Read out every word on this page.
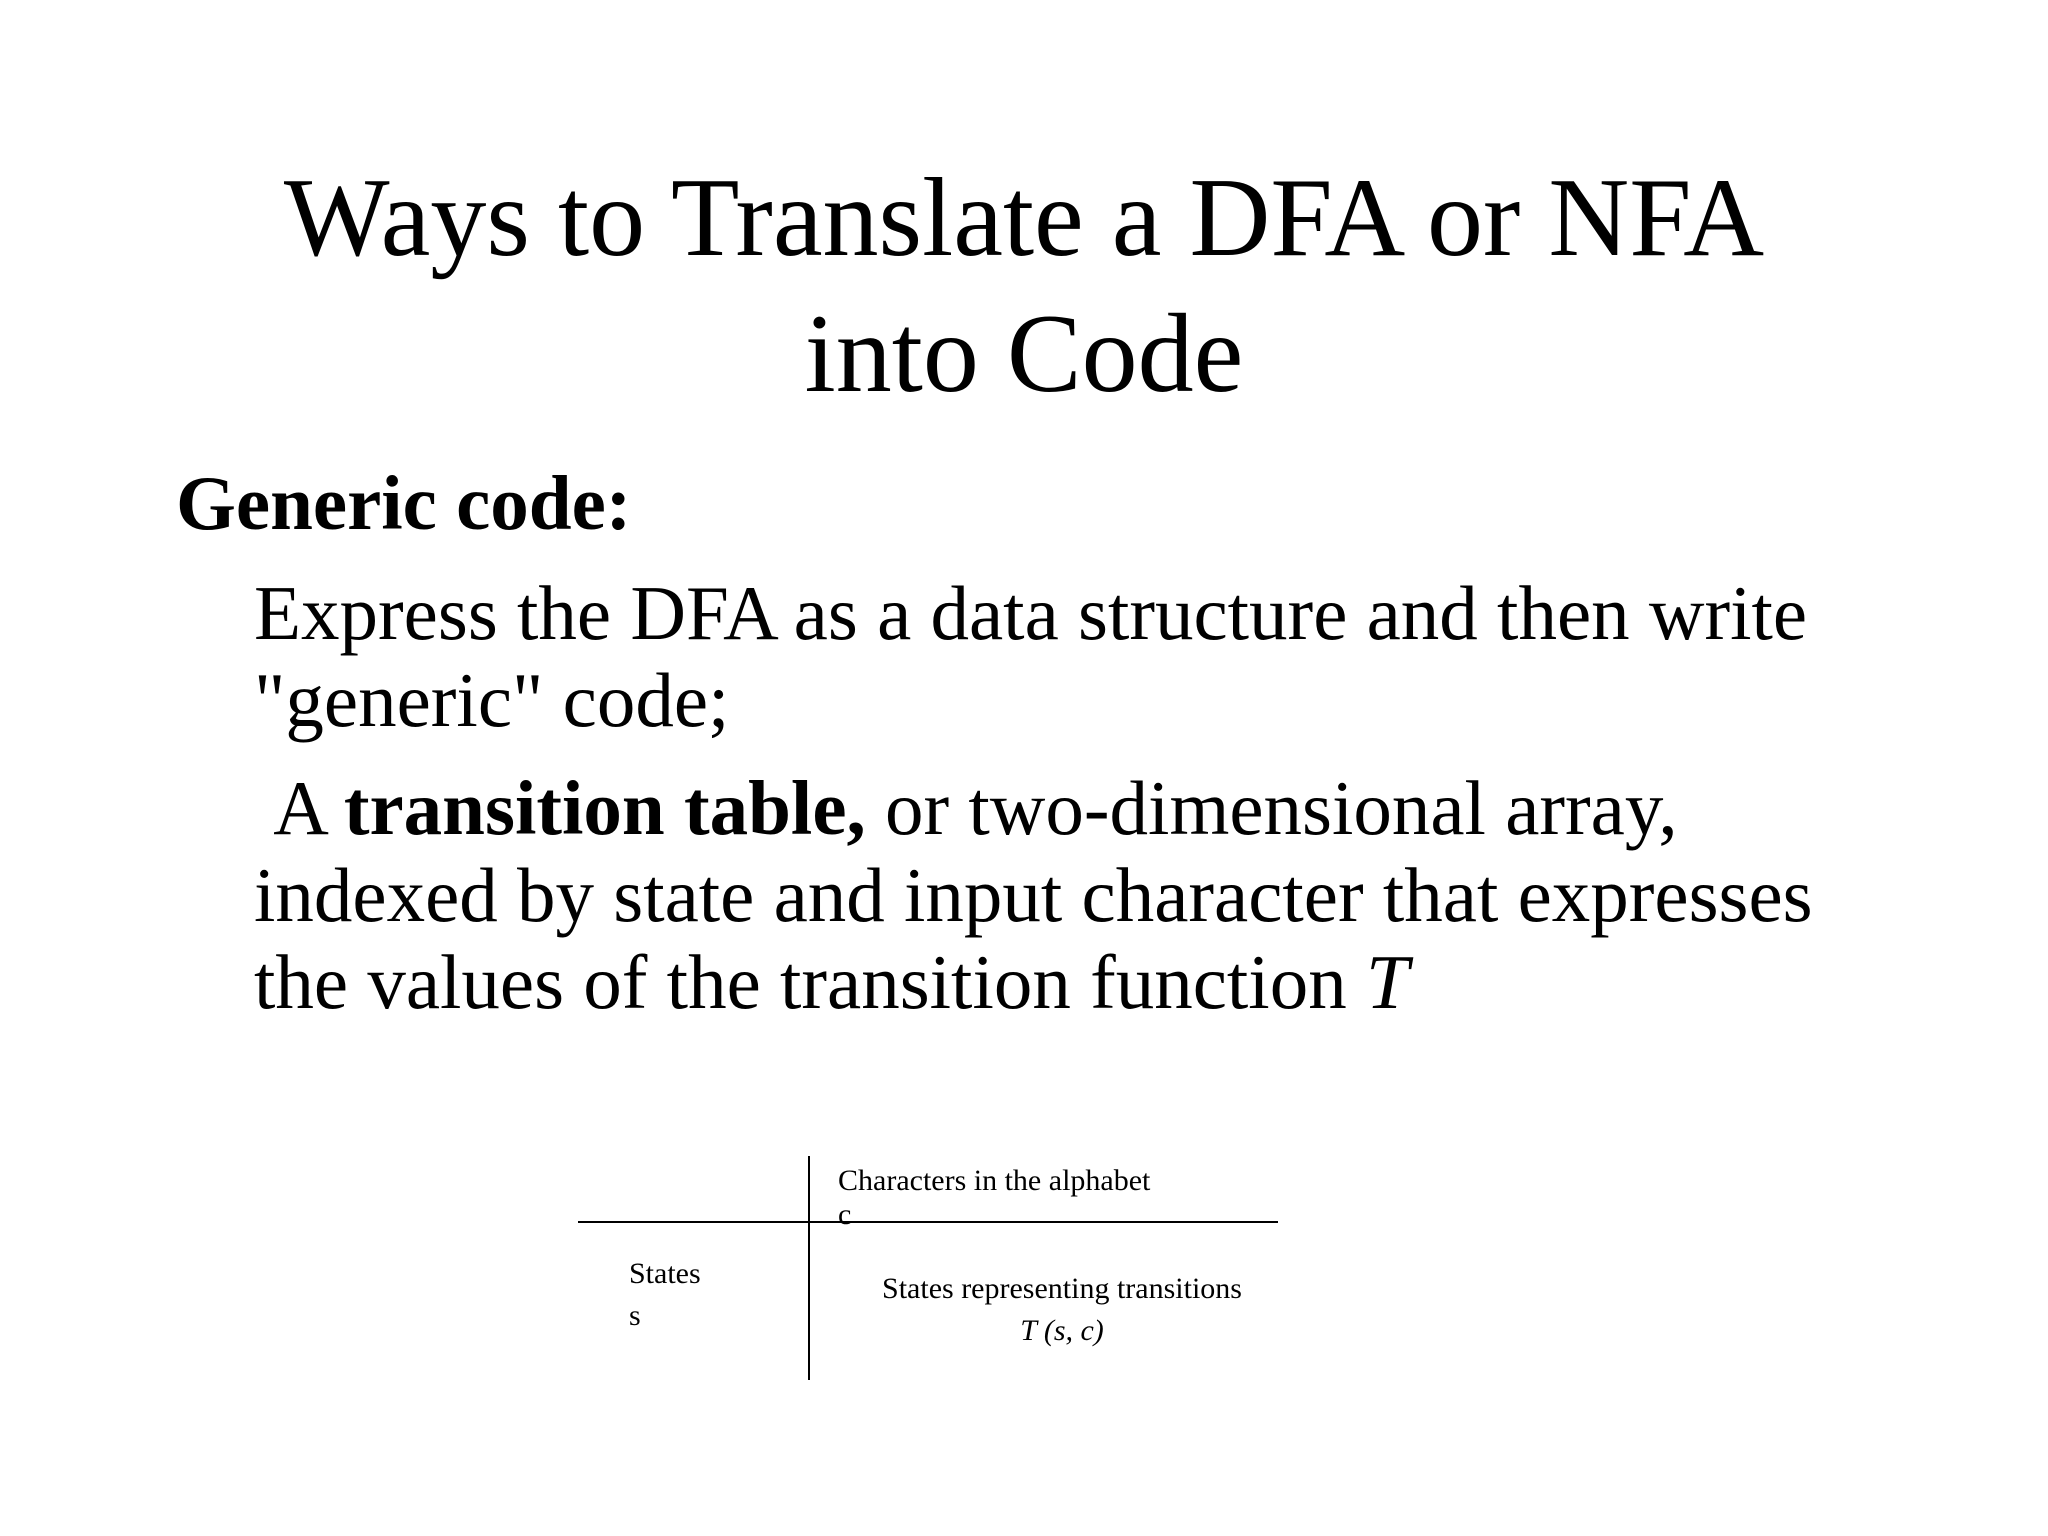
Ways to Translate a DFA or NFA
into Code

Generic code:

Express the DFA as a data structure and then write
"generic" code;

A transition table, or two-dimensional array,
indexed by state and input character that expresses
the values of the transition function T

Characters in the alphabet
c
States
s
States representing transitions
T (s, c)
